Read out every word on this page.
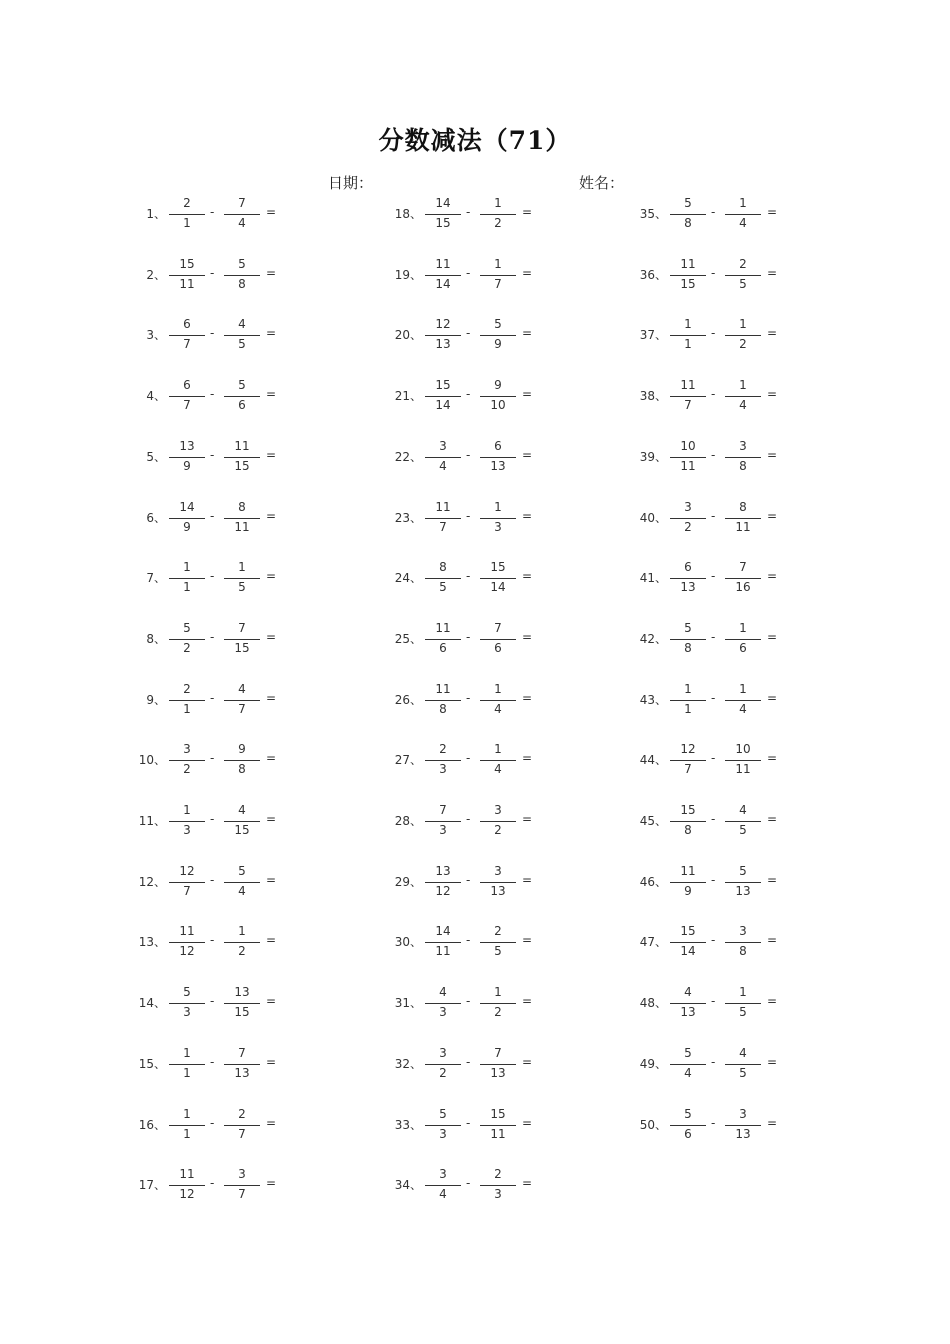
分数减法（71）
日期：	姓名：
1、
2
1
-
7
4
=
2、
15
11
-
5
8
=
3、
6
7
-
4
5
=
4、
6
7
-
5
6
=
5、
13
9
-
11
15
=
6、
14
9
-
8
11
=
7、
1
1
-
1
5
=
8、
5
2
-
7
15
=
9、
2
1
-
4
7
=
10、
3
2
-
9
8
=
11、
1
3
-
4
15
=
12、
12
7
-
5
4
=
13、
11
12
-
1
2
=
14、
5
3
-
13
15
=
15、
1
1
-
7
13
=
16、
1
1
-
2
7
=
17、
11
12
-
3
7
=
18、
14
15
-
1
2
=
19、
11
14
-
1
7
=
20、
12
13
-
5
9
=
21、
15
14
-
9
10
=
22、
3
4
-
6
13
=
23、
11
7
-
1
3
=
24、
8
5
-
15
14
=
25、
11
6
-
7
6
=
26、
11
8
-
1
4
=
27、
2
3
-
1
4
=
28、
7
3
-
3
2
=
29、
13
12
-
3
13
=
30、
14
11
-
2
5
=
31、
4
3
-
1
2
=
32、
3
2
-
7
13
=
33、
5
3
-
15
11
=
34、
3
4
-
2
3
=
35、
5
8
-
1
4
=
36、
11
15
-
2
5
=
37、
1
1
-
1
2
=
38、
11
7
-
1
4
=
39、
10
11
-
3
8
=
40、
3
2
-
8
11
=
41、
6
13
-
7
16
=
42、
5
8
-
1
6
=
43、
1
1
-
1
4
=
44、
12
7
-
10
11
=
45、
15
8
-
4
5
=
46、
11
9
-
5
13
=
47、
15
14
-
3
8
=
48、
4
13
-
1
5
=
49、
5
4
-
4
5
=
50、
5
6
-
3
13
=
